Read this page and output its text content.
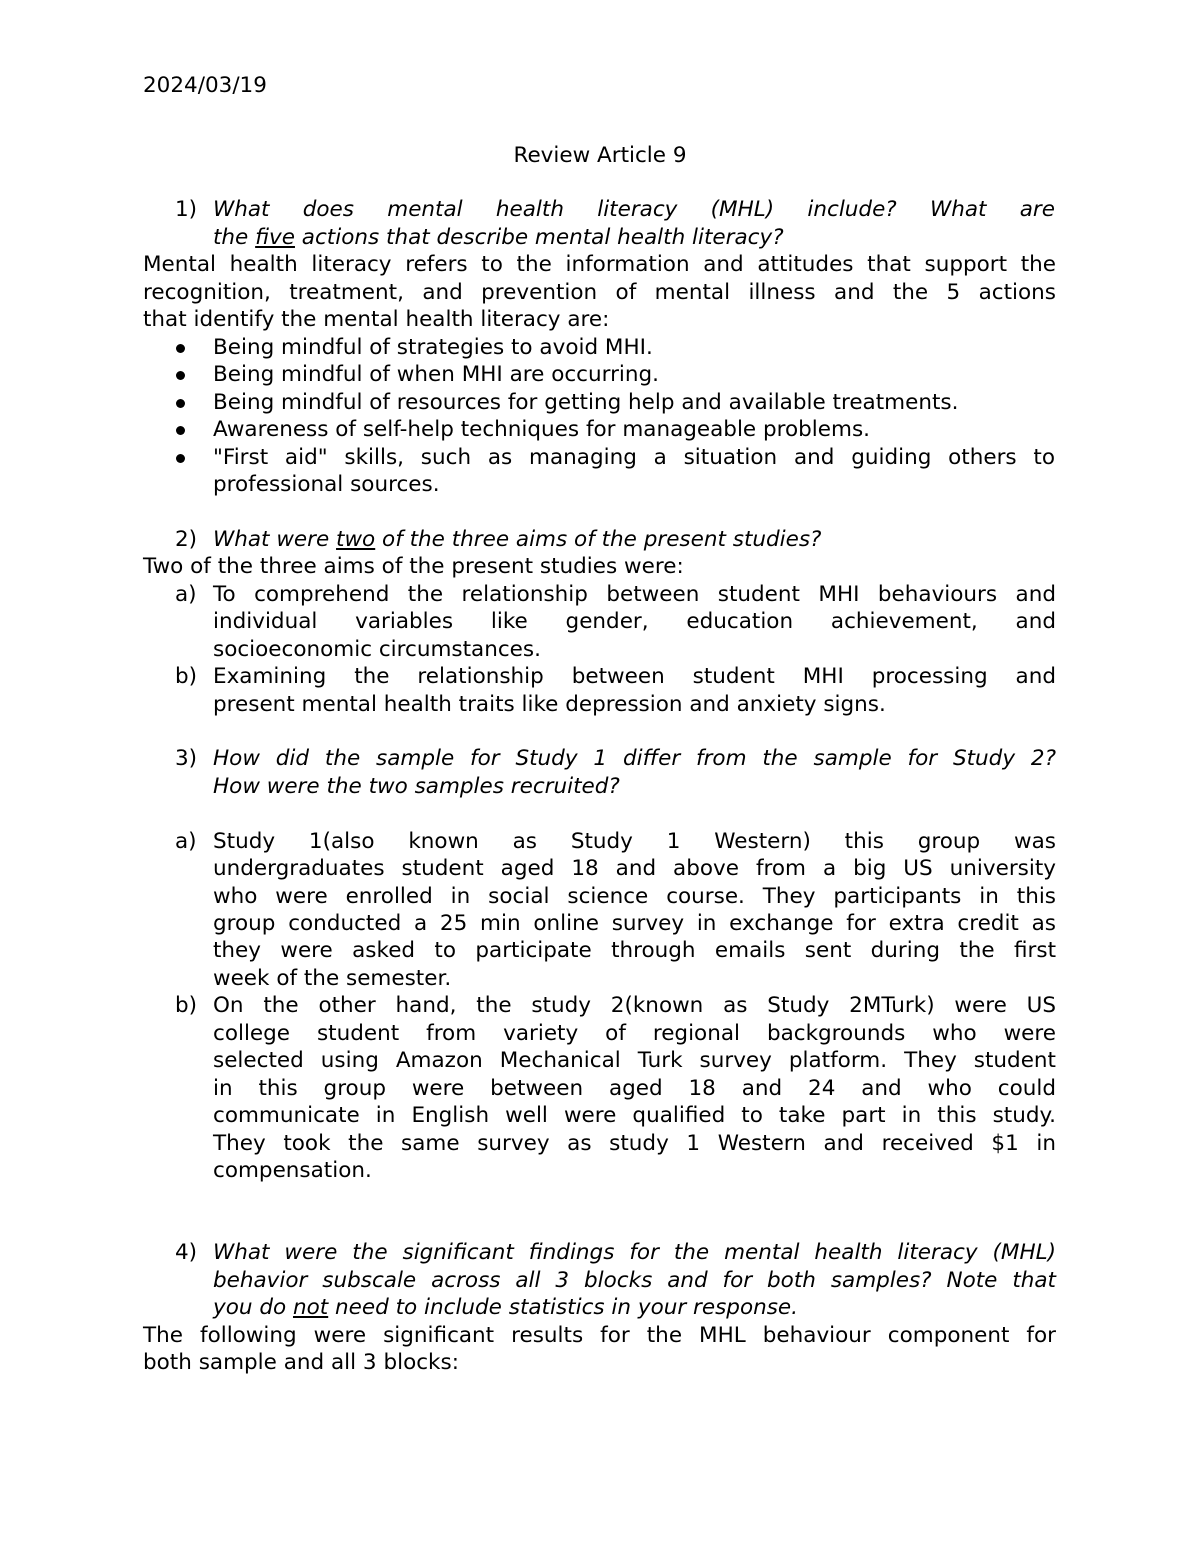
2024/03/19

Review Article 9

1) What does mental health literacy (MHL) include? What are

the five actions that describe mental health literacy?

Mental health literacy refers to the information and attitudes that support the

recognition, treatment, and prevention of mental illness and the 5 actions

that identify the mental health literacy are:

Being mindful of strategies to avoid MHI.

Being mindful of when MHI are occurring.

Being mindful of resources for getting help and available treatments.

Awareness of self-help techniques for manageable problems.

"First aid" skills, such as managing a situation and guiding others to

professional sources.

2) What were two of the three aims of the present studies?

Two of the three aims of the present studies were:

a) To comprehend the relationship between student MHI behaviours and

individual variables like gender, education achievement, and

socioeconomic circumstances.

b) Examining the relationship between student MHI processing and

present mental health traits like depression and anxiety signs.

3) How did the sample for Study 1 differ from the sample for Study 2?

How were the two samples recruited?

a) Study 1(also known as Study 1 Western) this group was

undergraduates student aged 18 and above from a big US university

who were enrolled in social science course. They participants in this

group conducted a 25 min online survey in exchange for extra credit as

they were asked to participate through emails sent during the first

week of the semester.

b) On the other hand, the study 2(known as Study 2MTurk) were US

college student from variety of regional backgrounds who were

selected using Amazon Mechanical Turk survey platform. They student

in this group were between aged 18 and 24 and who could

communicate in English well were qualified to take part in this study.

They took the same survey as study 1 Western and received $1 in

compensation.

4) What were the significant findings for the mental health literacy (MHL)

behavior subscale across all 3 blocks and for both samples? Note that

you do not need to include statistics in your response.

The following were significant results for the MHL behaviour component for

both sample and all 3 blocks:
